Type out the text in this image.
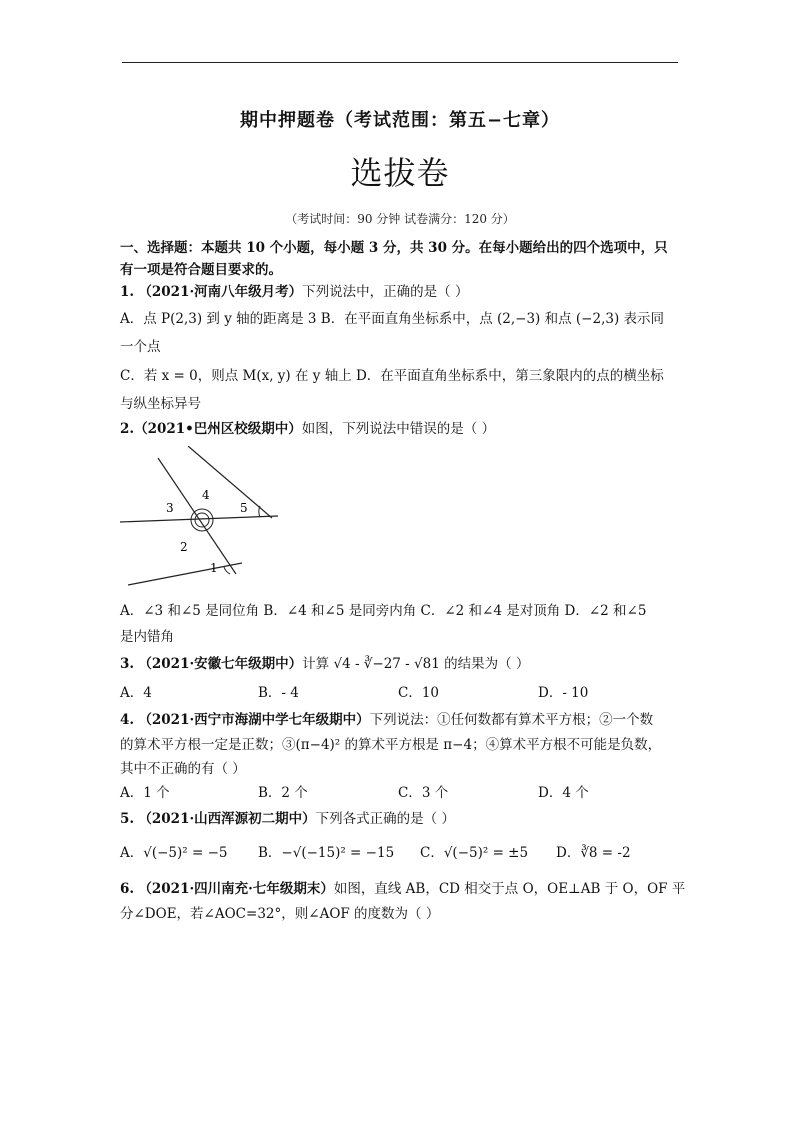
期中押题卷（考试范围：第五−七章）
选拔卷
（考试时间：90 分钟 试卷满分：120 分）
一、选择题：本题共 10 个小题，每小题 3 分，共 30 分。在每小题给出的四个选项中，只
有一项是符合题目要求的。
1. （2021·河南八年级月考）下列说法中，正确的是（ ）
A．点 P(2,3) 到 y 轴的距离是 3 B．在平面直角坐标系中，点 (2,−3) 和点 (−2,3) 表示同
一个点
C．若 x = 0，则点 M(x, y) 在 y 轴上 D．在平面直角坐标系中，第三象限内的点的横坐标
与纵坐标异号
2.（2021•巴州区校级期中）如图，下列说法中错误的是（ ）
1
2
3
4
5
A．∠3 和∠5 是同位角 B．∠4 和∠5 是同旁内角 C．∠2 和∠4 是对顶角 D．∠2 和∠5
是内错角
3. （2021·安徽七年级期中）计算 √4 - ∛−27 - √81 的结果为（ ）
A．4	B．- 4	C．10	D．- 10
4. （2021·西宁市海湖中学七年级期中）下列说法：①任何数都有算术平方根；②一个数
的算术平方根一定是正数；③(π−4)² 的算术平方根是 π−4；④算术平方根不可能是负数，
其中不正确的有（ ）
A．1 个	B．2 个	C．3 个	D．4 个
5. （2021·山西浑源初二期中）下列各式正确的是（ ）
A．√(−5)² = −5 B．−√(−15)² = −15 C．√(−5)² = ±5 D．∛8 = -2
6. （2021·四川南充·七年级期末）如图，直线 AB，CD 相交于点 O，OE⊥AB 于 O，OF 平
分∠DOE，若∠AOC=32°，则∠AOF 的度数为（ ）
